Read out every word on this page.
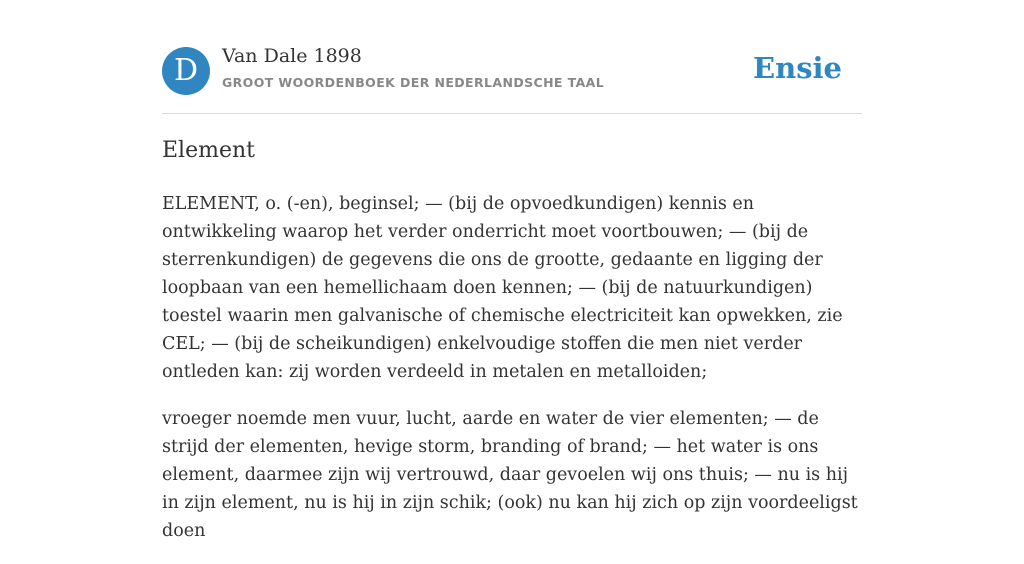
D	Van Dale 1898
GROOT WOORDENBOEK DER NEDERLANDSCHE TAAL	Ensie
Element

ELEMENT, o. (-en), beginsel; — (bij de opvoedkundigen) kennis en ontwikkeling waarop het verder onderricht moet voortbouwen; — (bij de sterrenkundigen) de gegevens die ons de grootte, gedaante en ligging der loopbaan van een hemellichaam doen kennen; — (bij de natuurkundigen) toestel waarin men galvanische of chemische electriciteit kan opwekken, zie CEL; — (bij de scheikundigen) enkelvoudige stoffen die men niet verder ontleden kan: zij worden verdeeld in metalen en metalloiden;

vroeger noemde men vuur, lucht, aarde en water de vier elementen; — de strijd der elementen, hevige storm, branding of brand; — het water is ons element, daarmee zijn wij vertrouwd, daar gevoelen wij ons thuis; — nu is hij in zijn element, nu is hij in zijn schik; (ook) nu kan hij zich op zijn voordeeligst doen
